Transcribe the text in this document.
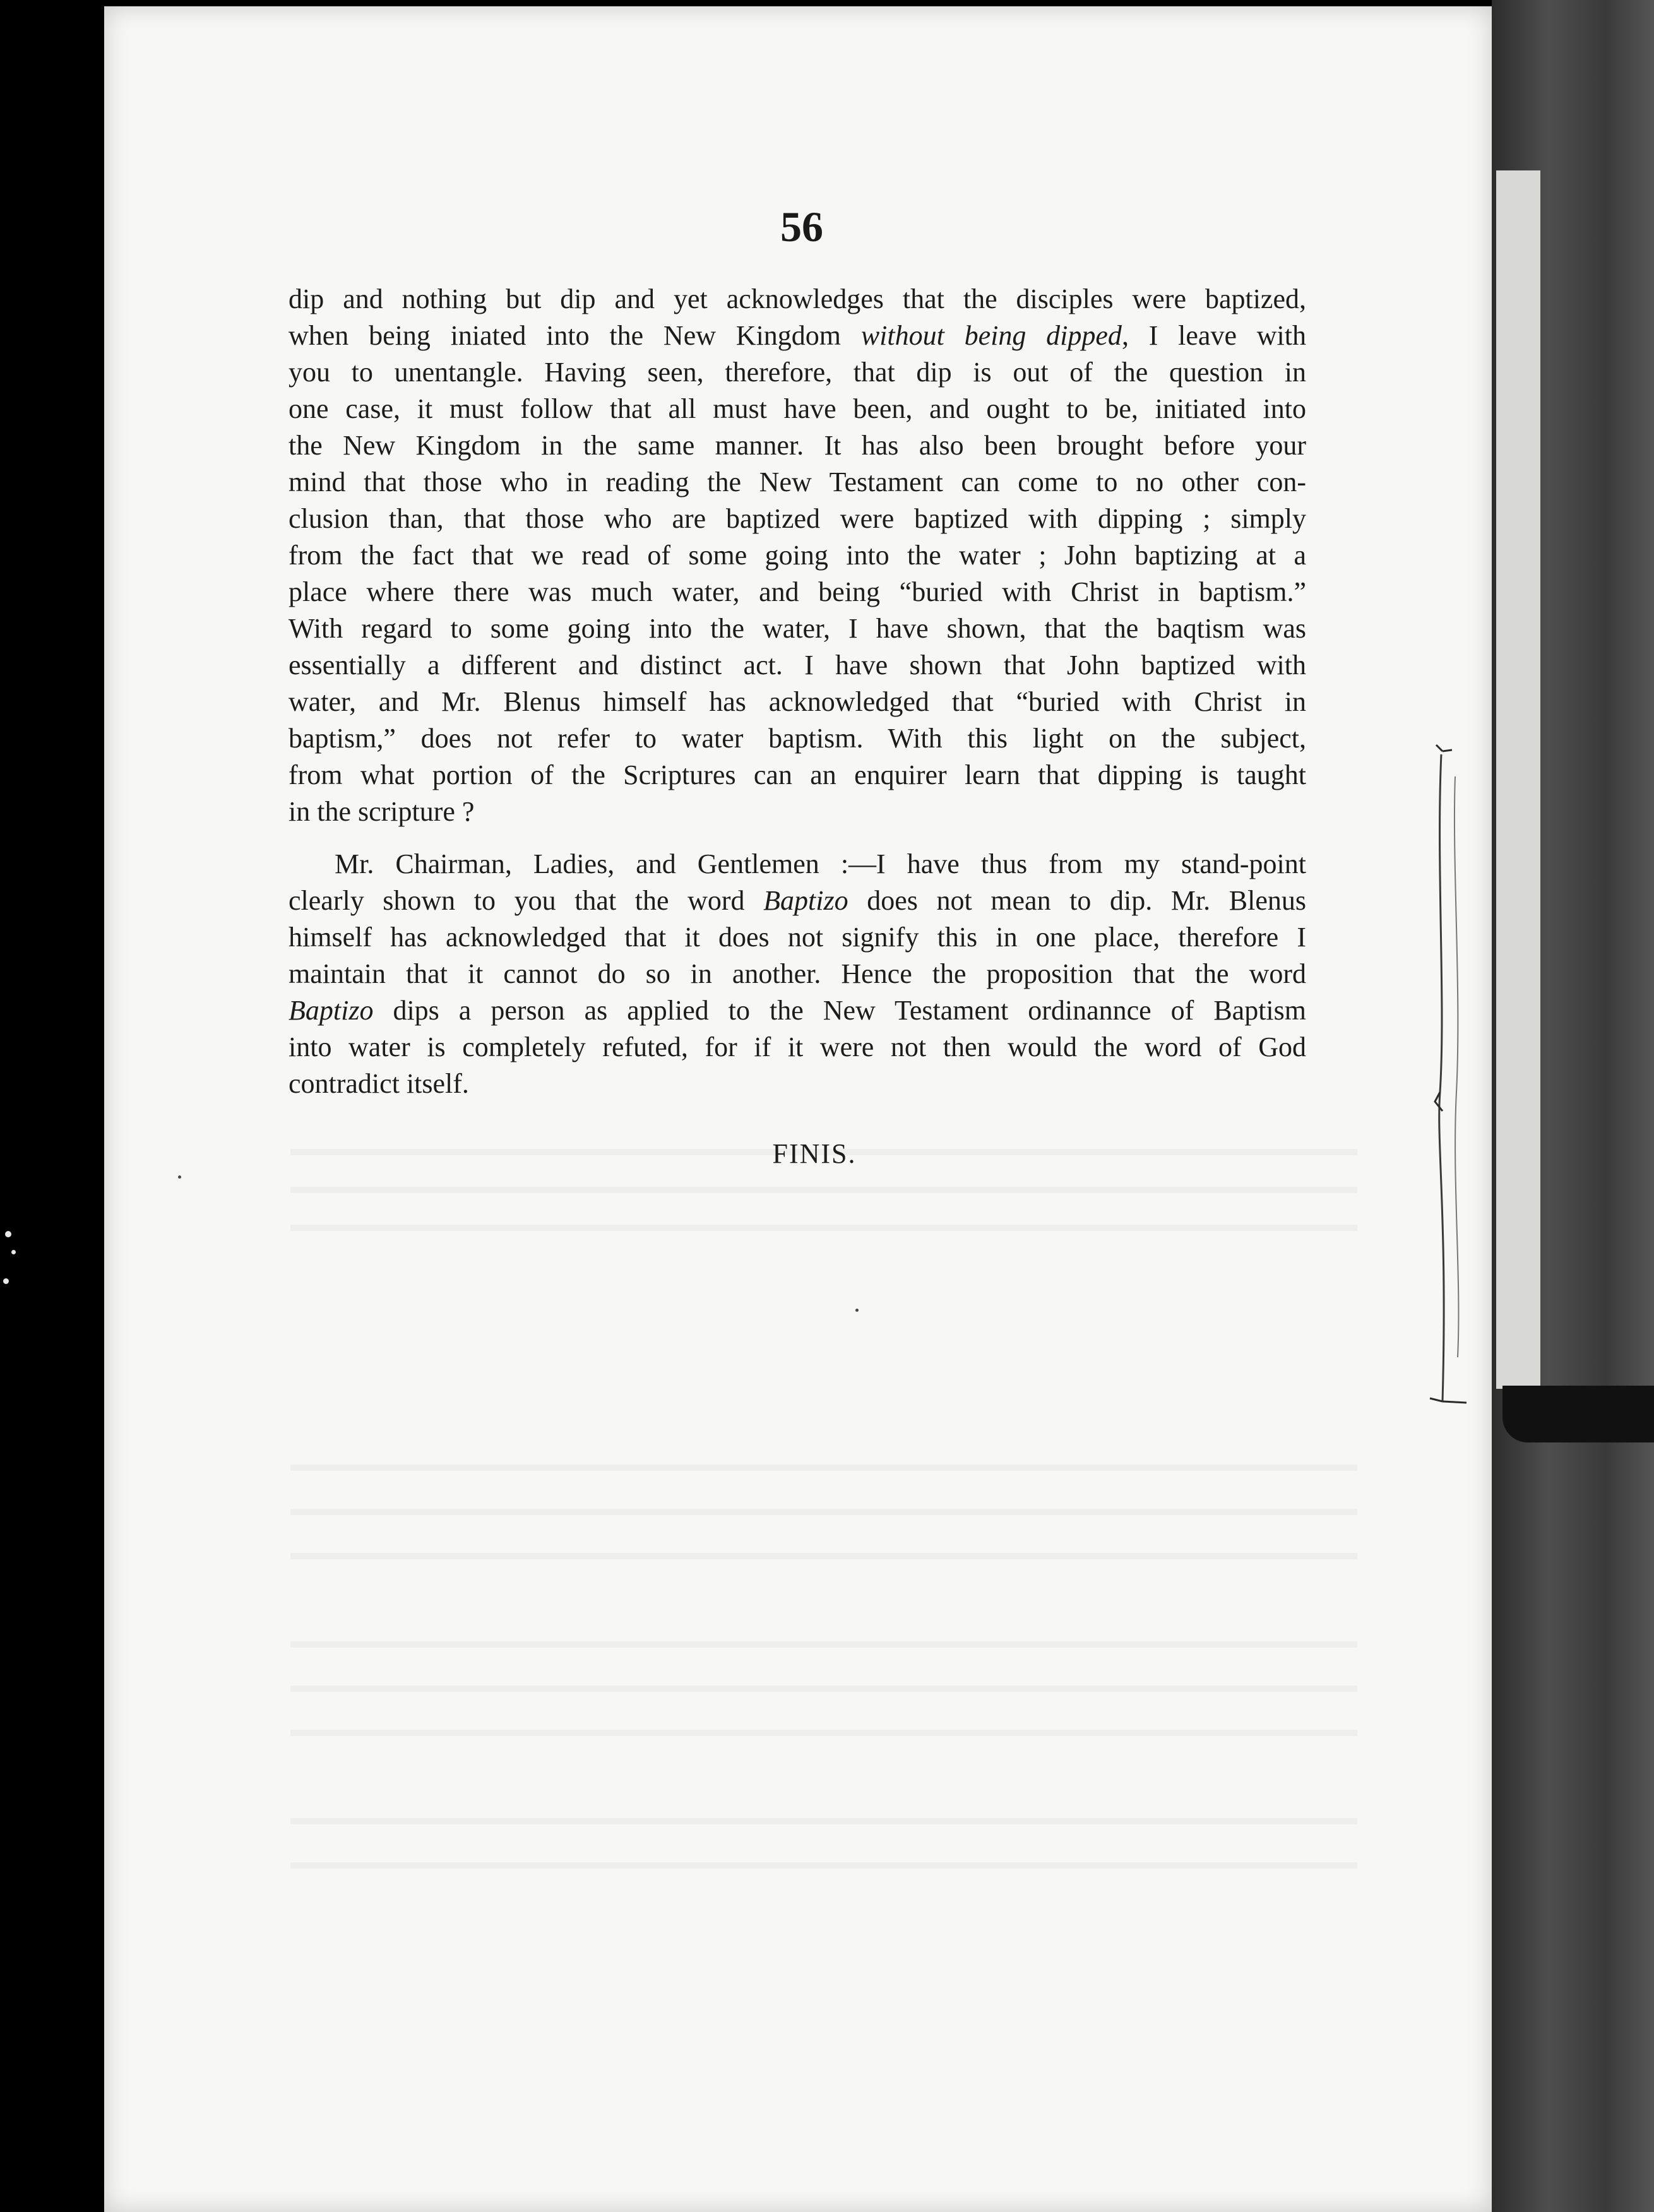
56
dip and nothing but dip and yet acknowledges that the disciples were baptized,
when being iniated into the New Kingdom without being dipped, I leave with
you to unentangle. Having seen, therefore, that dip is out of the question in
one case, it must follow that all must have been, and ought to be, initiated into
the New Kingdom in the same manner. It has also been brought before your
mind that those who in reading the New Testament can come to no other con-
clusion than, that those who are baptized were baptized with dipping ; simply
from the fact that we read of some going into the water ; John baptizing at a
place where there was much water, and being “buried with Christ in baptism.”
With regard to some going into the water, I have shown, that the baqtism was
essentially a different and distinct act. I have shown that John baptized with
water, and Mr. Blenus himself has acknowledged that “buried with Christ in
baptism,” does not refer to water baptism. With this light on the subject,
from what portion of the Scriptures can an enquirer learn that dipping is taught
in the scripture ?
Mr. Chairman, Ladies, and Gentlemen :—I have thus from my stand-point
clearly shown to you that the word Baptizo does not mean to dip. Mr. Blenus
himself has acknowledged that it does not signify this in one place, therefore I
maintain that it cannot do so in another. Hence the proposition that the word
Baptizo dips a person as applied to the New Testament ordinannce of Baptism
into water is completely refuted, for if it were not then would the word of God
contradict itself.
FINIS.
